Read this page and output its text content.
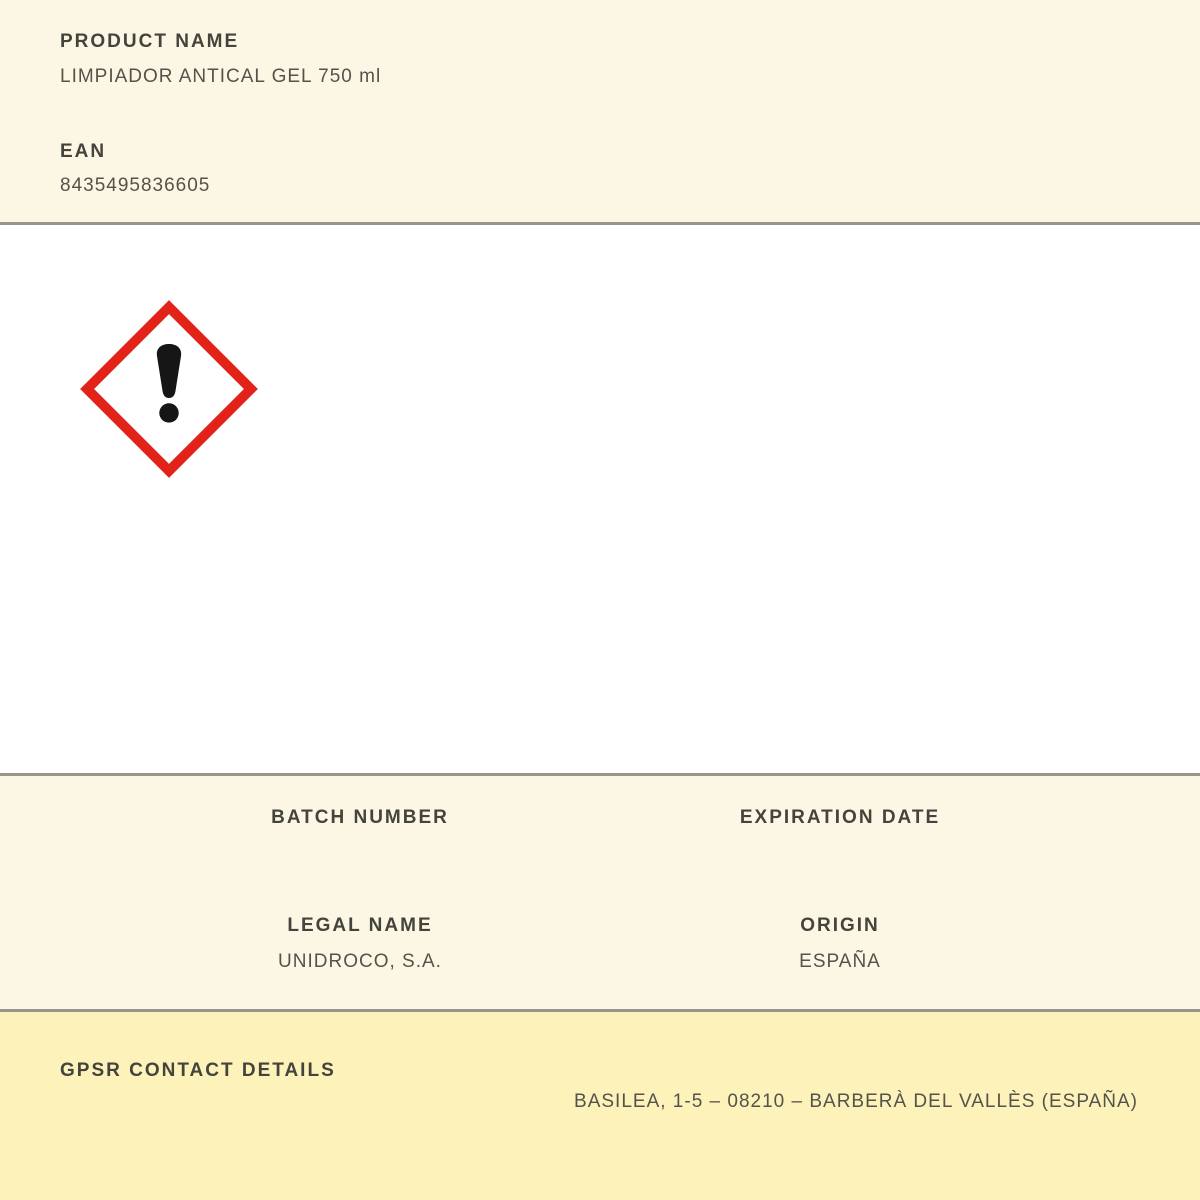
PRODUCT NAME
LIMPIADOR ANTICAL GEL 750 ml
EAN
8435495836605
BATCH NUMBER	EXPIRATION DATE
LEGAL NAME	ORIGIN
UNIDROCO, S.A.	ESPAÑA
GPSR CONTACT DETAILS
BASILEA, 1-5 – 08210 – BARBERÀ DEL VALLÈS (ESPAÑA)
